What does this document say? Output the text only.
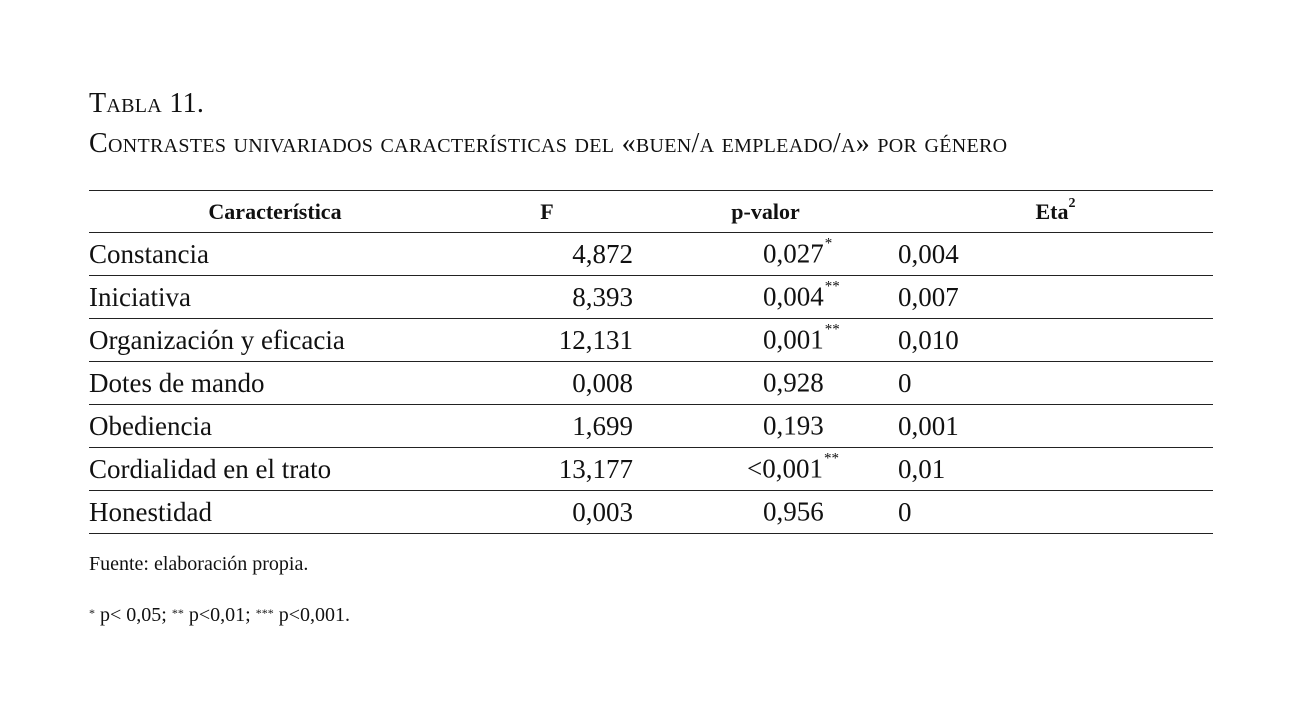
Tabla 11.
Contrastes univariados características del «buen/a empleado/a» por género
Característica	F	p-valor	Eta$^2$
Constancia	4,872	0,027*	0,004
Iniciativa	8,393	0,004**	0,007
Organización y eficacia	12,131	0,001**	0,010
Dotes de mando	0,008	0,928	0
Obediencia	1,699	0,193	0,001
Cordialidad en el trato	13,177	<0,001**	0,01
Honestidad	0,003	0,956	0
Fuente: elaboración propia.
* p< 0,05; ** p<0,01; *** p<0,001.
